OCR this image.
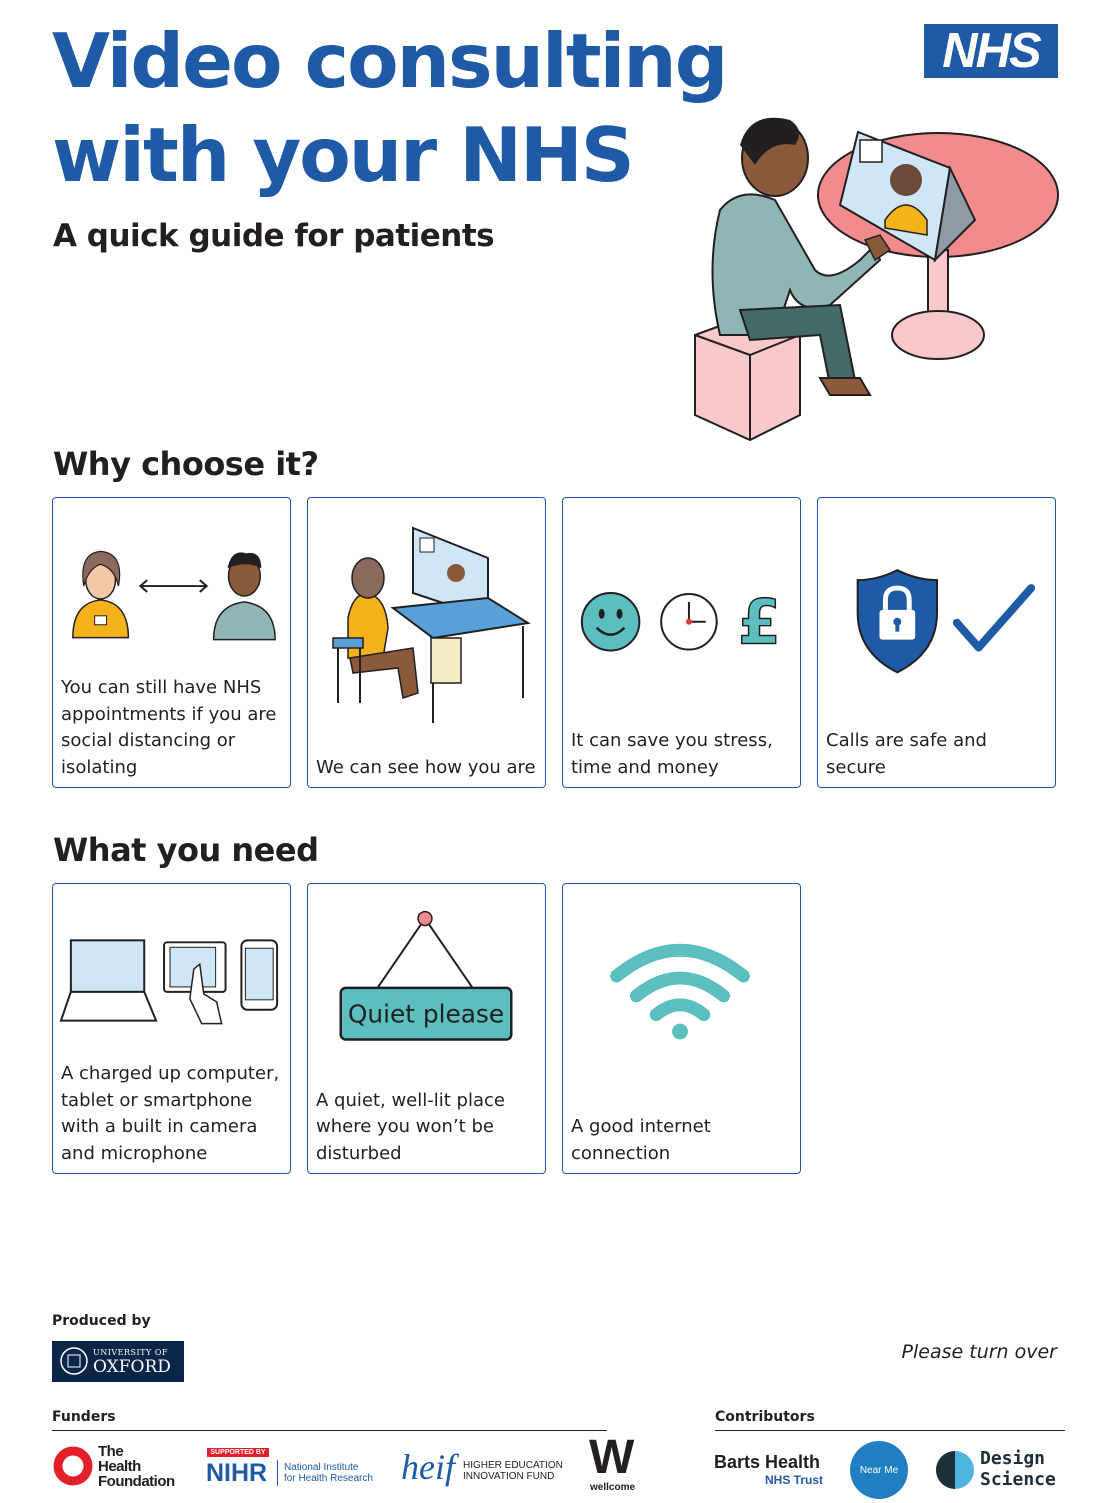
Video consulting
with your NHS
A quick guide for patients
NHS
Why choose it?
You can still have NHS appointments if you are social distancing or isolating	We can see how you are
£
It can save you stress, time and money
Calls are safe and secure
What you need
A charged up computer, tablet or smartphone with a built in camera and microphone
Quiet please
A quiet, well-lit place where you won’t be disturbed
A good internet connection
Produced by
UNIVERSITY OF
OXFORD
Please turn over
Funders	Contributors
The
Health
Foundation
SUPPORTED BY
NIHR National Institute
for Health Research heif HIGHER EDUCATION
INNOVATION FUND W
wellcome
Barts Health
NHS Trust
Near Me
Design
Science
